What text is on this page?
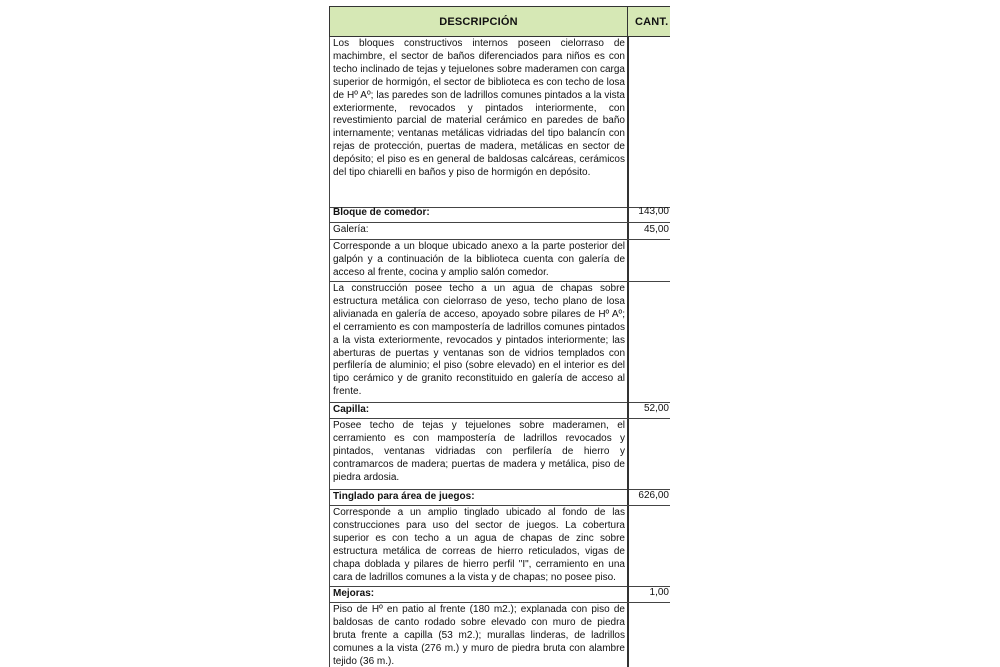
DESCRIPCIÓN	CANT.
Los bloques constructivos internos poseen cielorraso de machimbre, el sector de baños diferenciados para niños es con techo inclinado de tejas y tejuelones sobre maderamen con carga superior de hormigón, el sector de biblioteca es con techo de losa de Hº Aº; las paredes son de ladrillos comunes pintados a la vista exteriormente, revocados y pintados interiormente, con revestimiento parcial de material cerámico en paredes de baño internamente; ventanas metálicas vidriadas del tipo balancín con rejas de protección, puertas de madera, metálicas en sector de depósito; el piso es en general de baldosas calcáreas, cerámicos del tipo chiarelli en baños y piso de hormigón en depósito.
Bloque de comedor:	143,00
Galería:	45,00
Corresponde a un bloque ubicado anexo a la parte posterior del galpón y a continuación de la biblioteca cuenta con galería de acceso al frente, cocina y amplio salón comedor.
La construcción posee techo a un agua de chapas sobre estructura metálica con cielorraso de yeso, techo plano de losa alivianada en galería de acceso, apoyado sobre pilares de Hº Aº; el cerramiento es con mampostería de ladrillos comunes pintados a la vista exteriormente, revocados y pintados interiormente; las aberturas de puertas y ventanas son de vidrios templados con perfilería de aluminio; el piso (sobre elevado) en el interior es del tipo cerámico y de granito reconstituido en galería de acceso al frente.
Capilla:	52,00
Posee techo de tejas y tejuelones sobre maderamen, el cerramiento es con mampostería de ladrillos revocados y pintados, ventanas vidriadas con perfilería de hierro y contramarcos de madera; puertas de madera y metálica, piso de piedra ardosia.
Tinglado para área de juegos:	626,00
Corresponde a un amplio tinglado ubicado al fondo de las construcciones para uso del sector de juegos. La cobertura superior es con techo a un agua de chapas de zinc sobre estructura metálica de correas de hierro reticulados, vigas de chapa doblada y pilares de hierro perfil "I", cerramiento en una cara de ladrillos comunes a la vista y de chapas; no posee piso.
Mejoras:	1,00
Piso de Hº en patio al frente (180 m2.); explanada con piso de baldosas de canto rodado sobre elevado con muro de piedra bruta frente a capilla (53 m2.); murallas linderas, de ladrillos comunes a la vista (276 m.) y muro de piedra bruta con alambre tejido (36 m.).
